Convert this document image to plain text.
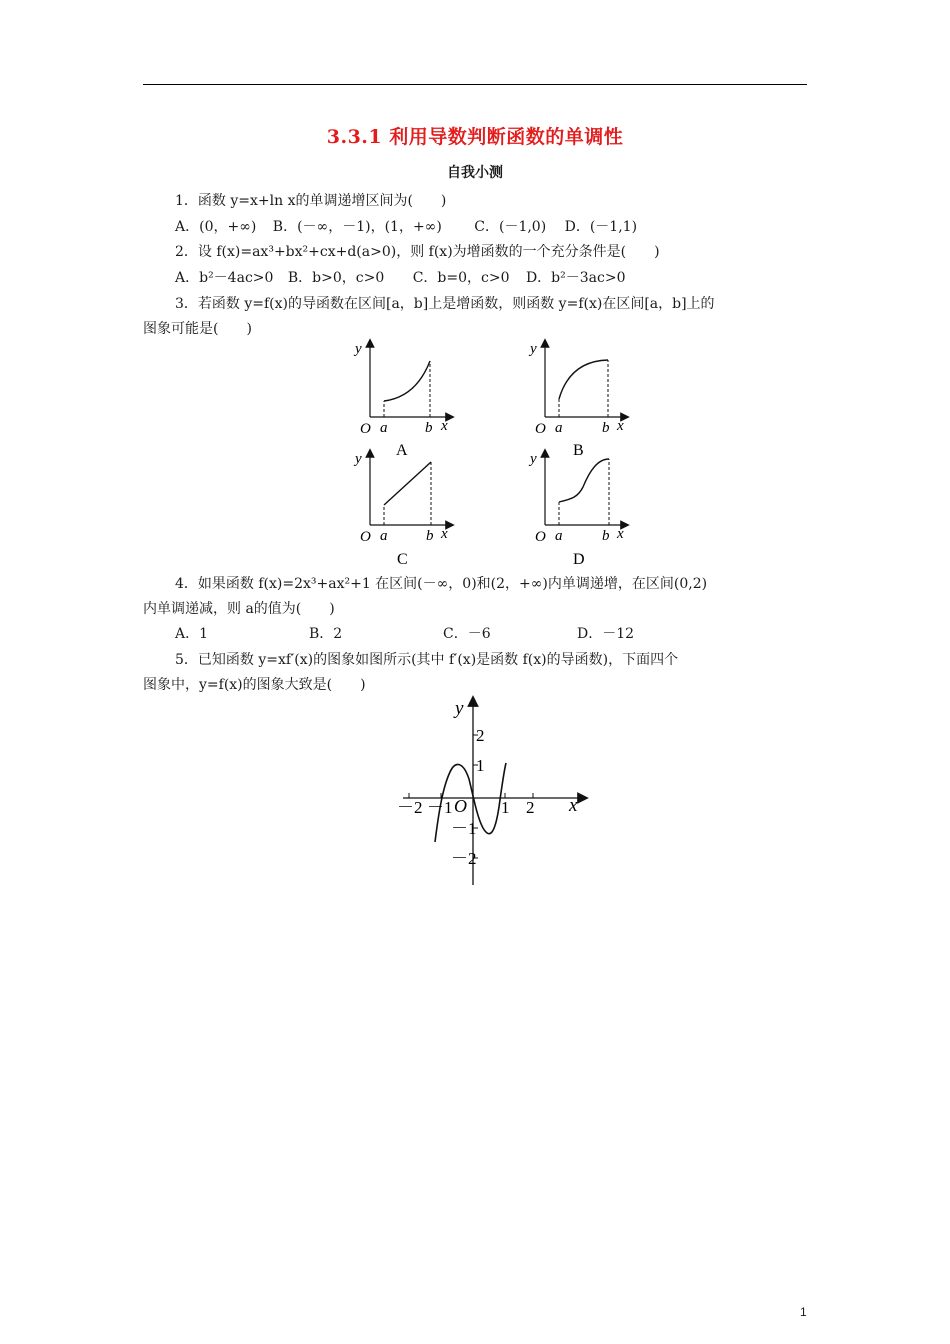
3.3.1 利用导数判断函数的单调性
自我小测
1．函数 y=x+ln x的单调递增区间为(　　)
A．(0，+∞) B．(－∞，－1)，(1，+∞) C．(－1,0) D．(－1,1)
2．设 f(x)=ax³+bx²+cx+d(a>0)，则 f(x)为增函数的一个充分条件是(　　)
A．b²－4ac>0 B．b>0，c>0 C．b=0，c>0 D．b²－3ac>0
3．若函数 y=f(x)的导函数在区间[a，b]上是增函数，则函数 y=f(x)在区间[a，b]上的
图象可能是(　　)
y
O a	b x
A
y
O a	b x
B
y
O a	b x
C
y
O a	b x
D
4．如果函数 f(x)=2x³+ax²+1 在区间(－∞，0)和(2，+∞)内单调递增，在区间(0,2)
内单调递减，则 a的值为(　　)
A．1	B．2	C．－6	D．－12
5．已知函数 y=xf′(x)的图象如图所示(其中 f′(x)是函数 f(x)的导函数)，下面四个
图象中，y=f(x)的图象大致是(　　)
y
x
O
－2 －1	1 2
2
1
－1
－2
1
